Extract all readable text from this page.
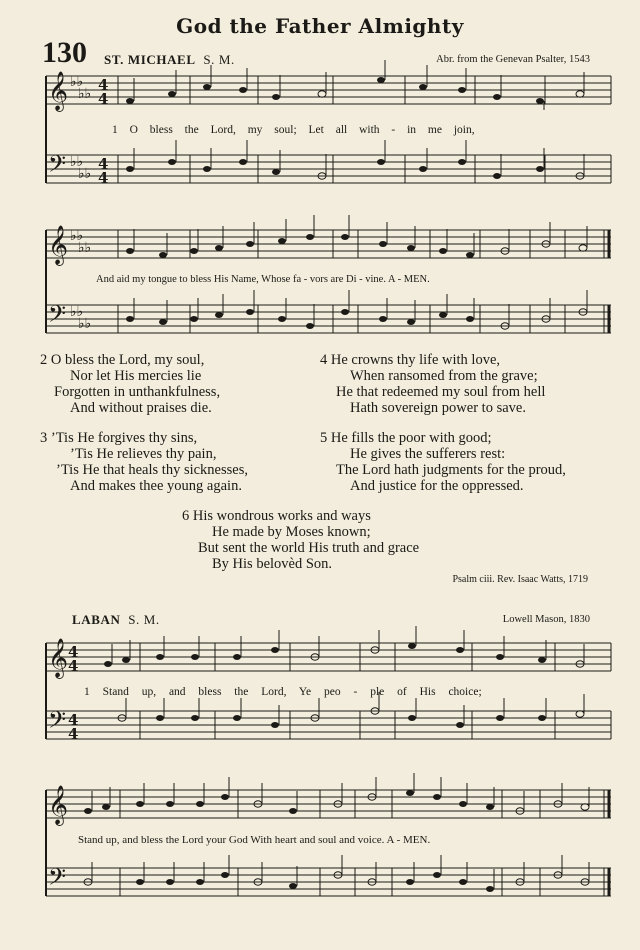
God the Father Almighty
130 ST. MICHAEL S. M.	Abr. from the Genevan Psalter, 1543
𝄞
𝄢
♭♭
♭♭
♭♭
♭♭
4
4
4
4
𝄞
𝄢
♭♭
♭♭
♭♭
♭♭
𝄞
𝄢
4
4
4
4
𝄞
𝄢
1 O bless the Lord, my soul; Let all with - in me join,
And aid my tongue to bless His Name, Whose fa - vors are Di - vine. A - MEN.
2 O bless the Lord, my soul,
Nor let His mercies lie
Forgotten in unthankfulness,
And without praises die.
3 ’Tis He forgives thy sins,
’Tis He relieves thy pain,
’Tis He that heals thy sicknesses,
And makes thee young again.
4 He crowns thy life with love,
When ransomed from the grave;
He that redeemed my soul from hell
Hath sovereign power to save.
5 He fills the poor with good;
He gives the sufferers rest:
The Lord hath judgments for the proud,
And justice for the oppressed.
6 His wondrous works and ways
He made by Moses known;
But sent the world His truth and grace
By His belovèd Son.
Psalm ciii. Rev. Isaac Watts, 1719
LABAN S. M.	Lowell Mason, 1830
1 Stand up, and bless the Lord, Ye peo - ple of His choice;
Stand up, and bless the Lord your God With heart and soul and voice. A - MEN.
